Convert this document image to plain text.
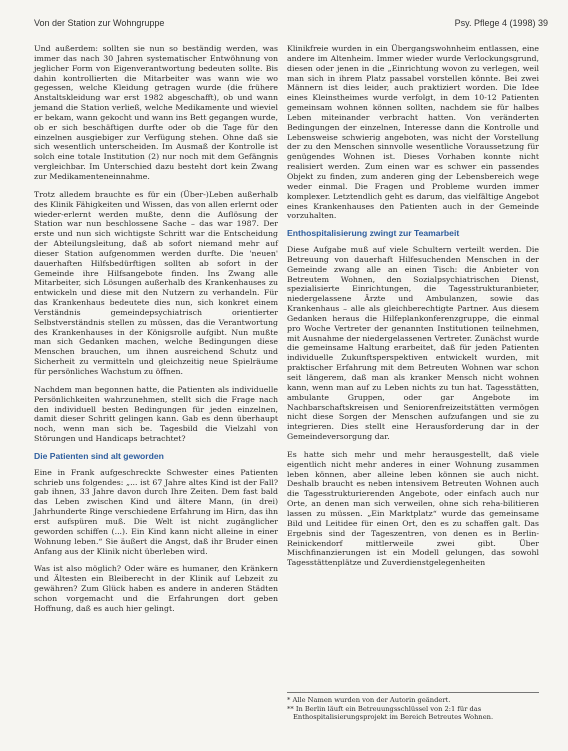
Von der Station zur Wohngruppe	Psy. Pflege 4 (1998) 39

Und außerdem: sollten sie nun so beständig werden, was immer das nach 30 Jahren systematischer Entwöhnung von jeglicher Form von Eigenverantwortung bedeuten sollte. Bis dahin kontrollierten die Mitarbeiter was wann wie wo gegessen, welche Kleidung getragen wurde (die frühere Anstaltskleidung war erst 1982 abgeschafft), ob und wann jemand die Station verließ, welche Medikamente und wieviel er bekam, wann gekocht und wann ins Bett gegangen wurde, ob er sich beschäftigen durfte oder ob die Tage für den einzelnen ausgiebiger zur Verfügung stehen. Ohne daß sie sich wesentlich unterscheiden. Im Ausmaß der Kontrolle ist solch eine totale Institution (2) nur noch mit dem Gefängnis vergleichbar. Im Unterschied dazu besteht dort kein Zwang zur Medikamenteneinnahme.

Trotz alledem brauchte es für ein (Über-)Leben außerhalb des Klinik Fähigkeiten und Wissen, das von allen erlernt oder wieder-erlernt werden mußte, denn die Auflösung der Station war nun beschlossene Sache – das war 1987. Der erste und nun sich wichtigste Schritt war die Entscheidung der Abteilungsleitung, daß ab sofort niemand mehr auf dieser Station aufgenommen werden durfte. Die 'neuen' dauerhaften Hilfsbedürftigen sollten ab sofort in der Gemeinde ihre Hilfsangebote finden. Ins Zwang alle Mitarbeiter, sich Lösungen außerhalb des Krankenhauses zu entwickeln und diese mit den Nutzern zu verhandeln. Für das Krankenhaus bedeutete dies nun, sich konkret einem Verständnis gemeindepsychiatrisch orientierter Selbstverständnis stellen zu müssen, das die Verantwortung des Krankenhauses in der Königsrolle aufgibt. Nun mußte man sich Gedanken machen, welche Bedingungen diese Menschen brauchen, um ihnen ausreichend Schutz und Sicherheit zu vermitteln und gleichzeitig neue Spielräume für persönliches Wachstum zu öffnen.

Nachdem man begonnen hatte, die Patienten als individuelle Persönlichkeiten wahrzunehmen, stellt sich die Frage nach den individuell besten Bedingungen für jeden einzelnen, damit dieser Schritt gelingen kann. Gab es denn überhaupt noch, wenn man sich be. Tagesbild die Vielzahl von Störungen und Handicaps betrachtet?

Die Patienten sind alt geworden

Eine in Frank aufgeschreckte Schwester eines Patienten schrieb uns folgendes: „... ist 67 Jahre altes Kind ist der Fall? gab ihnen, 33 Jahre davon durch Ihre Zeiten. Dem fast bald das Leben zwischen Kind und ältere Mann, (in drei) Jahrhunderte Ringe verschiedene Erfahrung im Hirn, das ihn erst aufspüren muß. Die Welt ist nicht zugänglicher geworden schiffen (...). Ein Kind kann nicht alleine in einer Wohnung leben.“ Sie äußert die Angst, daß ihr Bruder einen Anfang aus der Klinik nicht überleben wird.

Was ist also möglich? Oder wäre es humaner, den Kränkern und Ältesten ein Bleiberecht in der Klinik auf Lebzeit zu gewähren? Zum Glück haben es andere in anderen Städten schon vorgemacht und die Erfahrungen dort geben Hoffnung, daß es auch hier gelingt.

Klinikfreie wurden in ein Übergangswohnheim entlassen, eine andere im Altenheim. Immer wieder wurde Verlockungsgrund, diesen oder jenen in die „Einrichtung wovon zu verlegen, weil man sich in ihrem Platz passabel vorstellen könnte. Bei zwei Männern ist dies leider, auch praktiziert worden. Die Idee eines Kleinstheimes wurde verfolgt, in dem 10-12 Patienten gemeinsam wohnen können sollten, nachdem sie für halbes Leben miteinander verbracht hatten. Von veränderten Bedingungen der einzelnen, Interesse dann die Kontrolle und Lebensweise schwierig angeboten, was nicht der Vorstellung der zu den Menschen sinnvolle wesentliche Voraussetzung für genügendes Wohnen ist. Dieses Vorhaben konnte nicht realisiert werden. Zum einen war es schwer ein passendes Objekt zu finden, zum anderen ging der Lebensbereich wege weder einmal. Die Fragen und Probleme wurden immer komplexer. Letztendlich geht es darum, das vielfältige Angebot eines Krankenhauses den Patienten auch in der Gemeinde vorzuhalten.

Enthospitalisierung zwingt zur Teamarbeit

Diese Aufgabe muß auf viele Schultern verteilt werden. Die Betreuung von dauerhaft Hilfesuchenden Menschen in der Gemeinde zwang alle an einen Tisch: die Anbieter von Betreutem Wohnen, den Sozialpsychiatrischen Dienst, spezialisierte Einrichtungen, die Tagesstrukturanbieter, niedergelassene Ärzte und Ambulanzen, sowie das Krankenhaus – alle als gleichberechtigte Partner. Aus diesem Gedanken heraus die Hilfeplankonferenzgruppe, die einmal pro Woche Vertreter der genannten Institutionen teilnehmen, mit Ausnahme der niedergelassenen Vertreter. Zunächst wurde die gemeinsame Haltung erarbeitet, daß für jeden Patienten individuelle Zukunftsperspektiven entwickelt wurden, mit praktischer Erfahrung mit dem Betreuten Wohnen war schon seit längerem, daß man als kranker Mensch nicht wohnen kann, wenn man auf zu Leben nichts zu tun hat. Tagesstätten, ambulante Gruppen, oder gar Angebote im Nachbarschaftskreisen und Seniorenfreizeitstätten vermögen nicht diese Sorgen der Menschen aufzufangen und sie zu integrieren. Dies stellt eine Herausforderung dar in der Gemeindeversorgung dar.

Es hatte sich mehr und mehr herausgestellt, daß viele eigentlich nicht mehr anderes in einer Wohnung zusammen leben können, aber alleine leben können sie auch nicht. Deshalb braucht es neben intensivem Betreuten Wohnen auch die Tagesstrukturierenden Angebote, oder einfach auch nur Orte, an denen man sich verweilen, ohne sich reha-bilitieren lassen zu müssen. „Ein Marktplatz“ wurde das gemeinsame Bild und Leitidee für einen Ort, den es zu schaffen galt. Das Ergebnis sind der Tageszentren, von denen es in Berlin-Reinickendorf mittlerweile zwei gibt. Über Mischfinanzierungen ist ein Modell gelungen, das sowohl Tagesstättenplätze und Zuverdienstgelegenheiten

* Alle Namen wurden von der Autorin geändert.
** In Berlin läuft ein Betreuungsschlüssel von 2:1 für das Enthospitalisierungsprojekt im Bereich Betreutes Wohnen.
